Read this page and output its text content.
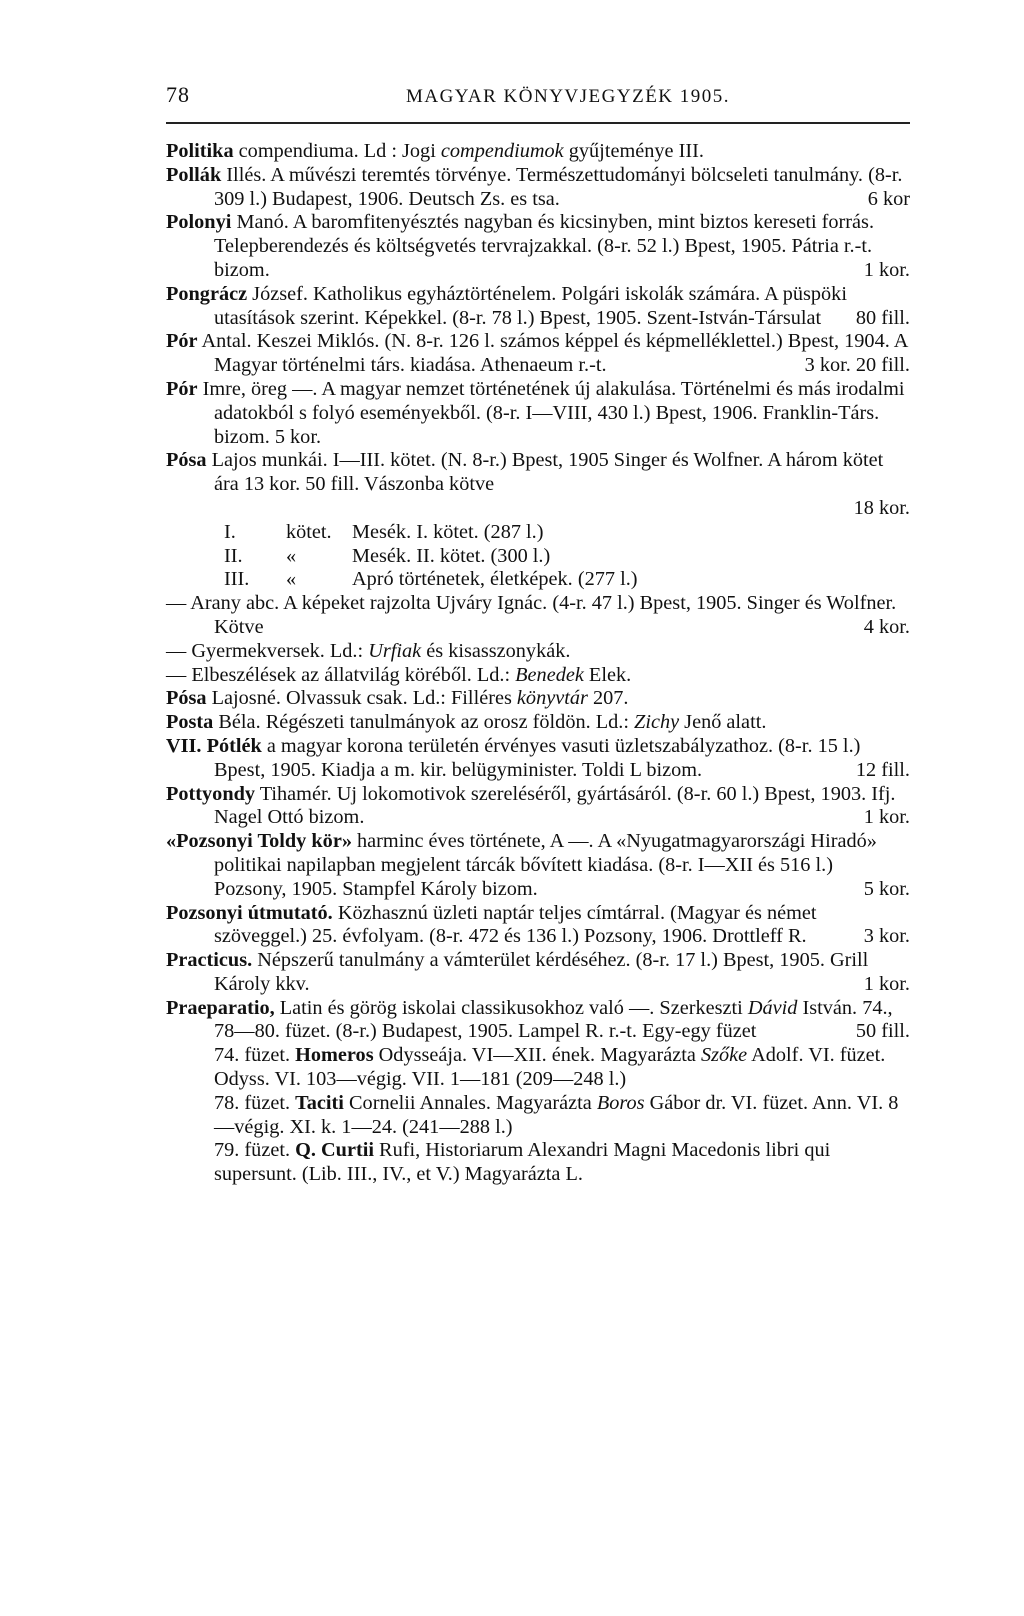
78	MAGYAR KÖNYVJEGYZÉK 1905.

Politika compendiuma. Ld : Jogi compendiumok gyűjteménye III.

Pollák Illés. A művészi teremtés törvénye. Természettudományi bölcseleti tanulmány. (8-r. 309 l.) Budapest, 1906. Deutsch Zs. es tsa.	6 kor

Polonyi Manó. A baromfitenyésztés nagyban és kicsinyben, mint biztos kereseti forrás. Telepberendezés és költségvetés tervrajzakkal. (8-r. 52 l.) Bpest, 1905. Pátria r.-t. bizom.	1 kor.

Pongrácz József. Katholikus egyháztörténelem. Polgári iskolák számára. A püspöki utasítások szerint. Képekkel. (8-r. 78 l.) Bpest, 1905. Szent-István-Társulat 80 fill.

Pór Antal. Keszei Miklós. (N. 8-r. 126 l. számos képpel és képmelléklettel.) Bpest, 1904. A Magyar történelmi társ. kiadása. Athenaeum r.-t.	3 kor. 20 fill.

Pór Imre, öreg —. A magyar nemzet történetének új alakulása. Történelmi és más irodalmi adatokból s folyó eseményekből. (8-r. I—VIII, 430 l.) Bpest, 1906. Franklin-Társ. bizom. 5 kor.

Pósa Lajos munkái. I—III. kötet. (N. 8-r.) Bpest, 1905 Singer és Wolfner. A három kötet ára 13 kor. 50 fill. Vászonba kötve

18 kor.

I.	kötet.	Mesék. I. kötet. (287 l.)

II.	«	Mesék. II. kötet. (300 l.)

III.	«	Apró történetek, életképek. (277 l.)

— Arany abc. A képeket rajzolta Ujváry Ignác. (4-r. 47 l.) Bpest, 1905. Singer és Wolfner. Kötve	4 kor.

— Gyermekversek. Ld.: Urfiak és kisasszonykák.

— Elbeszélések az állatvilág köréből. Ld.: Benedek Elek.

Pósa Lajosné. Olvassuk csak. Ld.: Filléres könyvtár 207.

Posta Béla. Régészeti tanulmányok az orosz földön. Ld.: Zichy Jenő alatt.

VII. Pótlék a magyar korona területén érvényes vasuti üzletszabályzathoz. (8-r. 15 l.) Bpest, 1905. Kiadja a m. kir. belügyminister. Toldi L bizom.	12 fill.

Pottyondy Tihamér. Uj lokomotivok szereléséről, gyártásáról. (8-r. 60 l.) Bpest, 1903. Ifj. Nagel Ottó bizom.	1 kor.

«Pozsonyi Toldy kör» harminc éves története, A —. A «Nyugatmagyarországi Hiradó» politikai napilapban megjelent tárcák bővített kiadása. (8-r. I—XII és 516 l.) Pozsony, 1905. Stampfel Károly bizom.	5 kor.

Pozsonyi útmutató. Közhasznú üzleti naptár teljes címtárral. (Magyar és német szöveggel.) 25. évfolyam. (8-r. 472 és 136 l.) Pozsony, 1906. Drottleff R.	3 kor.

Practicus. Népszerű tanulmány a vámterület kérdéséhez. (8-r. 17 l.) Bpest, 1905. Grill Károly kkv.	1 kor.

Praeparatio, Latin és görög iskolai classikusokhoz való —. Szerkeszti Dávid István. 74., 78—80. füzet. (8-r.) Budapest, 1905. Lampel R. r.-t. Egy-egy füzet	50 fill.

74. füzet. Homeros Odysseája. VI—XII. ének. Magyarázta Szőke Adolf. VI. füzet. Odyss. VI. 103—végig. VII. 1—181 (209—248 l.)

78. füzet. Taciti Cornelii Annales. Magyarázta Boros Gábor dr. VI. füzet. Ann. VI. 8—végig. XI. k. 1—24. (241—288 l.)

79. füzet. Q. Curtii Rufi, Historiarum Alexandri Magni Macedonis libri qui supersunt. (Lib. III., IV., et V.) Magyarázta L.
